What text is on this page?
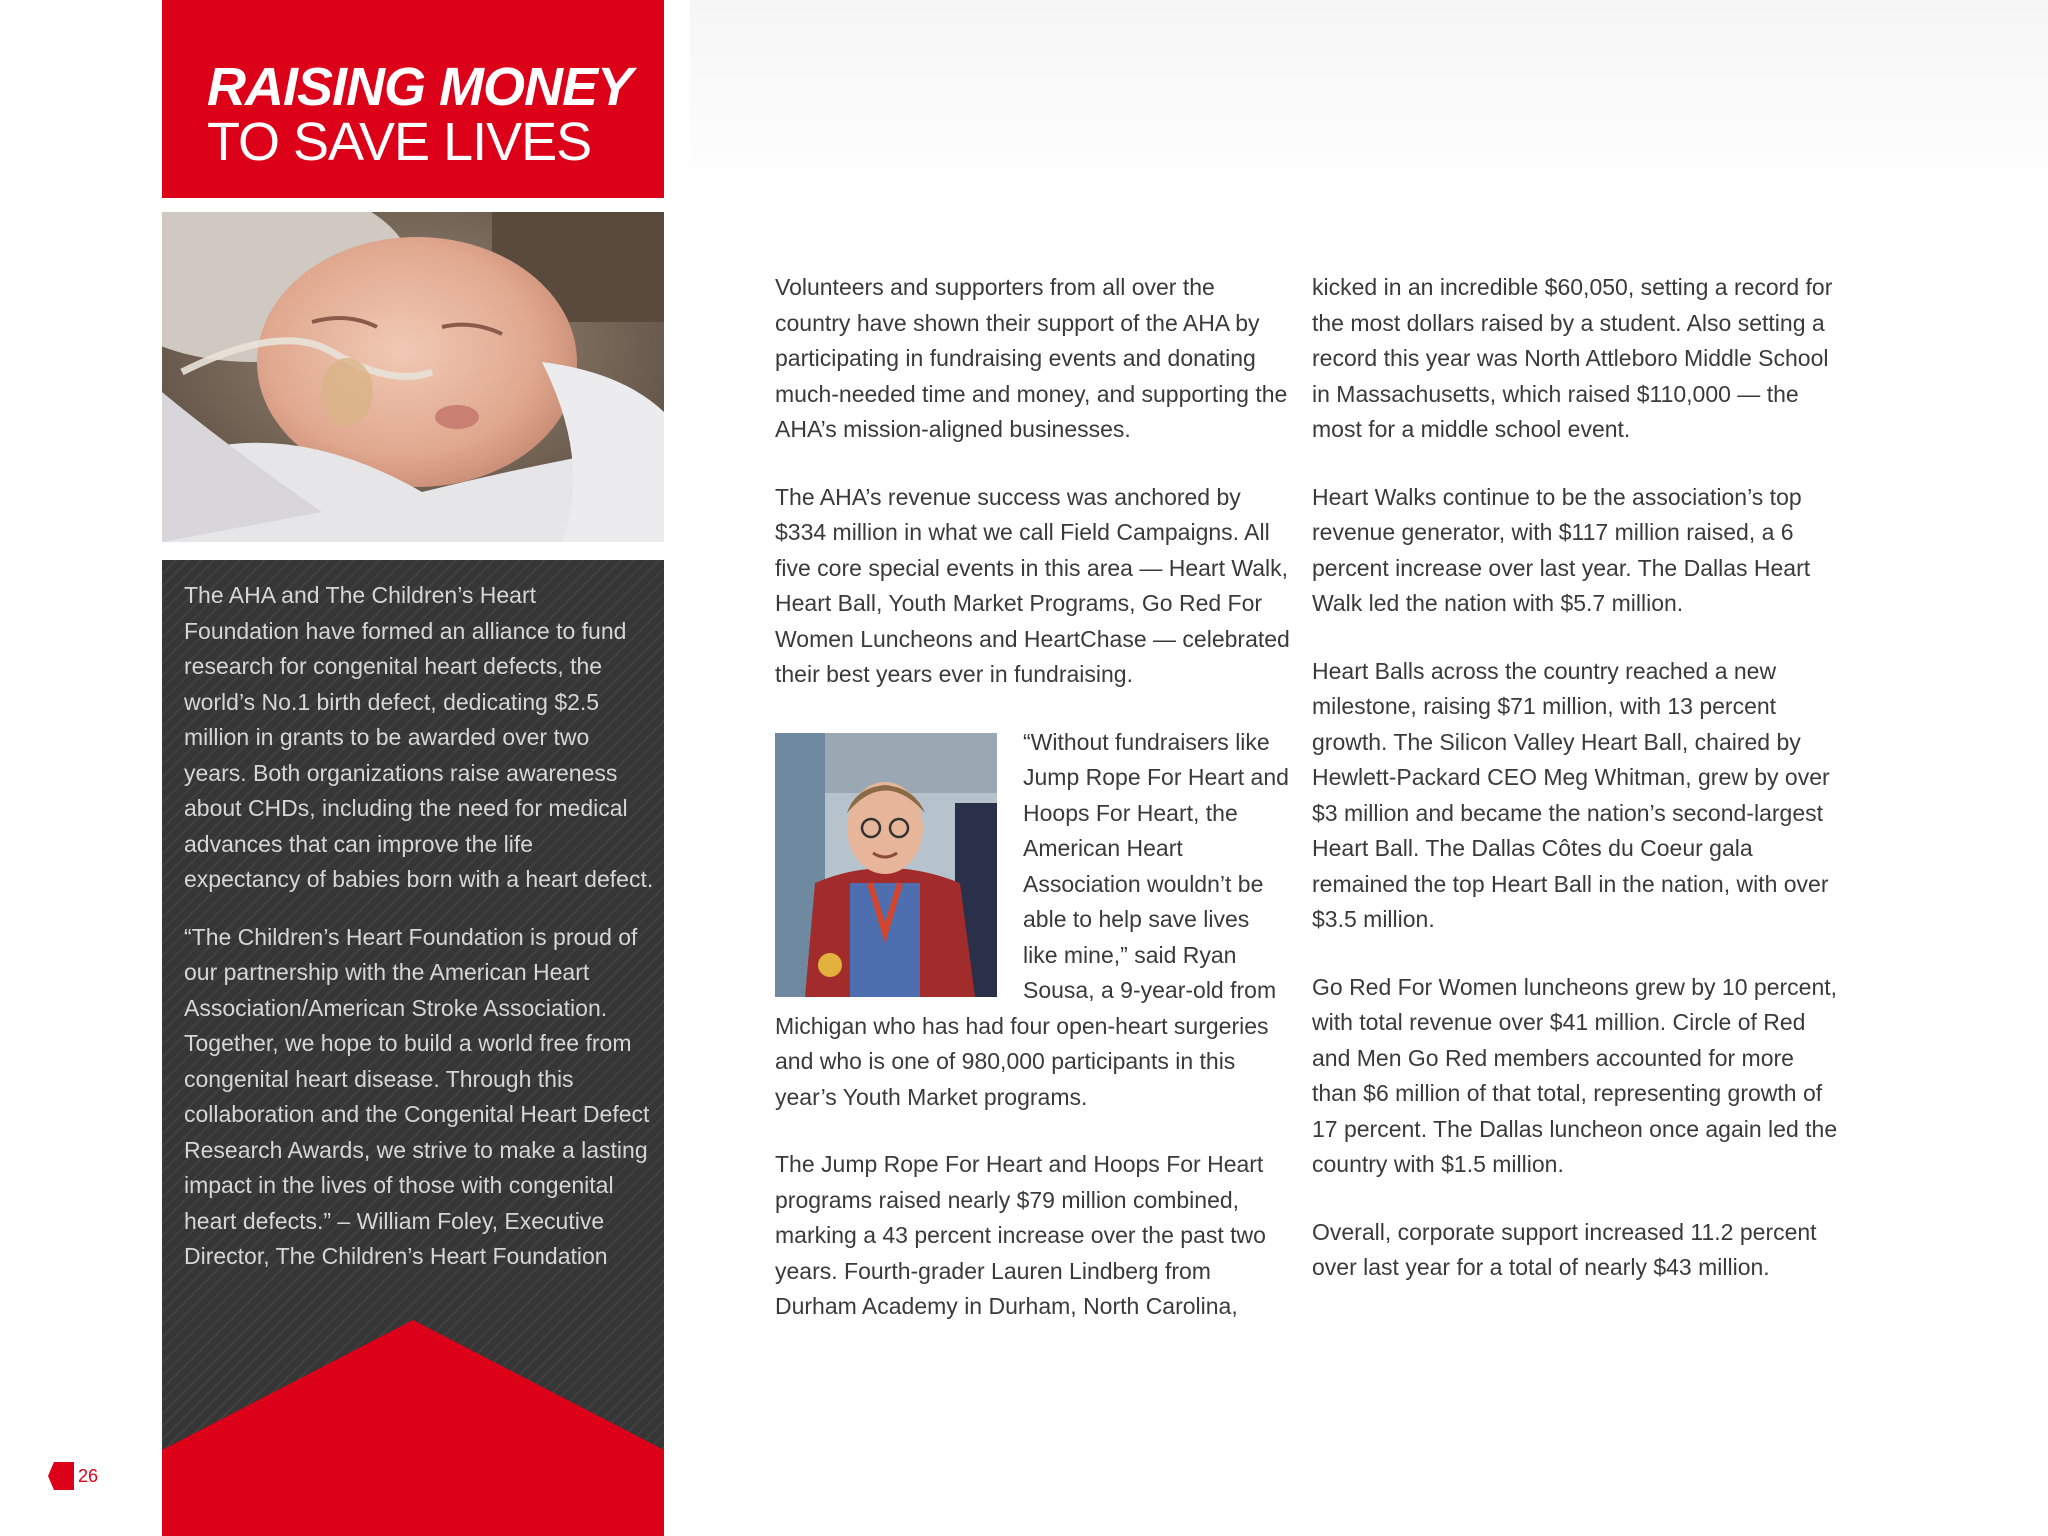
RAISING MONEY
TO SAVE LIVES

The AHA and The Children’s Heart Foundation have formed an alliance to fund research for congenital heart defects, the world’s No.1 birth defect, dedicating $2.5 million in grants to be awarded over two years. Both organizations raise awareness about CHDs, including the need for medical advances that can improve the life expectancy of babies born with a heart defect.

“The Children’s Heart Foundation is proud of our partnership with the American Heart Association/American Stroke Association. Together, we hope to build a world free from congenital heart disease. Through this collaboration and the Congenital Heart Defect Research Awards, we strive to make a lasting impact in the lives of those with congenital heart defects.” – William Foley, Executive Director, The Children’s Heart Foundation

Volunteers and supporters from all over the country have shown their support of the AHA by participating in fundraising events and donating much-needed time and money, and supporting the AHA’s mission-aligned businesses.

The AHA’s revenue success was anchored by $334 million in what we call Field Campaigns. All five core special events in this area — Heart Walk, Heart Ball, Youth Market Programs, Go Red For Women Luncheons and HeartChase — celebrated their best years ever in fundraising.

“Without fundraisers like Jump Rope For Heart and Hoops For Heart, the American Heart Association wouldn’t be able to help save lives like mine,” said Ryan Sousa, a 9-year-old from Michigan who has had four open-heart surgeries and who is one of 980,000 participants in this year’s Youth Market programs.

The Jump Rope For Heart and Hoops For Heart programs raised nearly $79 million combined, marking a 43 percent increase over the past two years. Fourth-grader Lauren Lindberg from Durham Academy in Durham, North Carolina,

kicked in an incredible $60,050, setting a record for the most dollars raised by a student. Also setting a record this year was North Attleboro Middle School in Massachusetts, which raised $110,000 — the most for a middle school event.

Heart Walks continue to be the association’s top revenue generator, with $117 million raised, a 6 percent increase over last year. The Dallas Heart Walk led the nation with $5.7 million.

Heart Balls across the country reached a new milestone, raising $71 million, with 13 percent growth. The Silicon Valley Heart Ball, chaired by Hewlett-Packard CEO Meg Whitman, grew by over $3 million and became the nation’s second-largest Heart Ball. The Dallas Côtes du Coeur gala remained the top Heart Ball in the nation, with over $3.5 million.

Go Red For Women luncheons grew by 10 percent, with total revenue over $41 million. Circle of Red and Men Go Red members accounted for more than $6 million of that total, representing growth of 17 percent. The Dallas luncheon once again led the country with $1.5 million.

Overall, corporate support increased 11.2 percent over last year for a total of nearly $43 million.

26
